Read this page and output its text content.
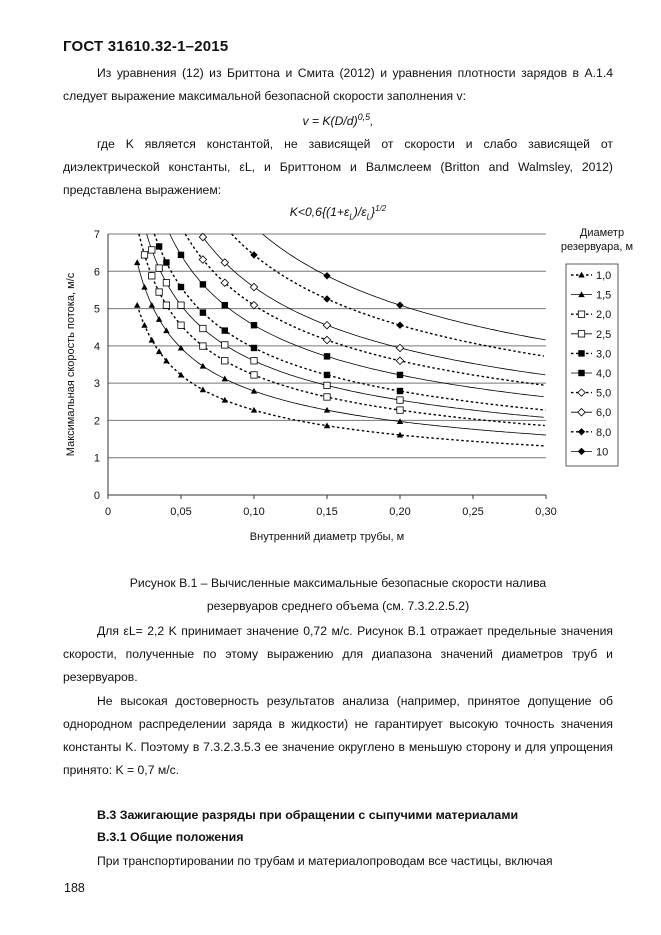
ГОСТ 31610.32-1–2015
Из уравнения (12) из Бриттона и Смита (2012) и уравнения плотности зарядов в А.1.4 следует выражение максимальной безопасной скорости заполнения v:
$v = K(D/d)^{0,5}$,
где K является константой, не зависящей от скорости и слабо зависящей от диэлектрической константы, εL, и Бриттоном и Валмслеем (Britton and Walmsley, 2012) представлена выражением:
$K<0,6\{(1+\varepsilon_L)/\varepsilon_L\}^{1/2}$
0
1
2
3
4
5
6
7
0	0,05	0,10	0,15	0,20	0,25	0,30
Внутренний диаметр трубы, м
Максимальная скорость потока, м/с
Диаметр
резервуара, м
1,0
1,5
2,0
2,5
3,0
4,0
5,0
6,0
8,0
10
Рисунок B.1 – Вычисленные максимальные безопасные скорости налива
резервуаров среднего объема (см. 7.3.2.2.5.2)
Для εL= 2,2 K принимает значение 0,72 м/с. Рисунок B.1 отражает предельные значения скорости, полученные по этому выражению для диапазона значений диаметров труб и резервуаров.
Не высокая достоверность результатов анализа (например, принятое допущение об однородном распределении заряда в жидкости) не гарантирует высокую точность значения константы K. Поэтому в 7.3.2.3.5.3 ее значение округлено в меньшую сторону и для упрощения принято: K = 0,7 м/с.
B.3 Зажигающие разряды при обращении с сыпучими материалами
B.3.1 Общие положения
При транспортировании по трубам и материалопроводам все частицы, включая
188
